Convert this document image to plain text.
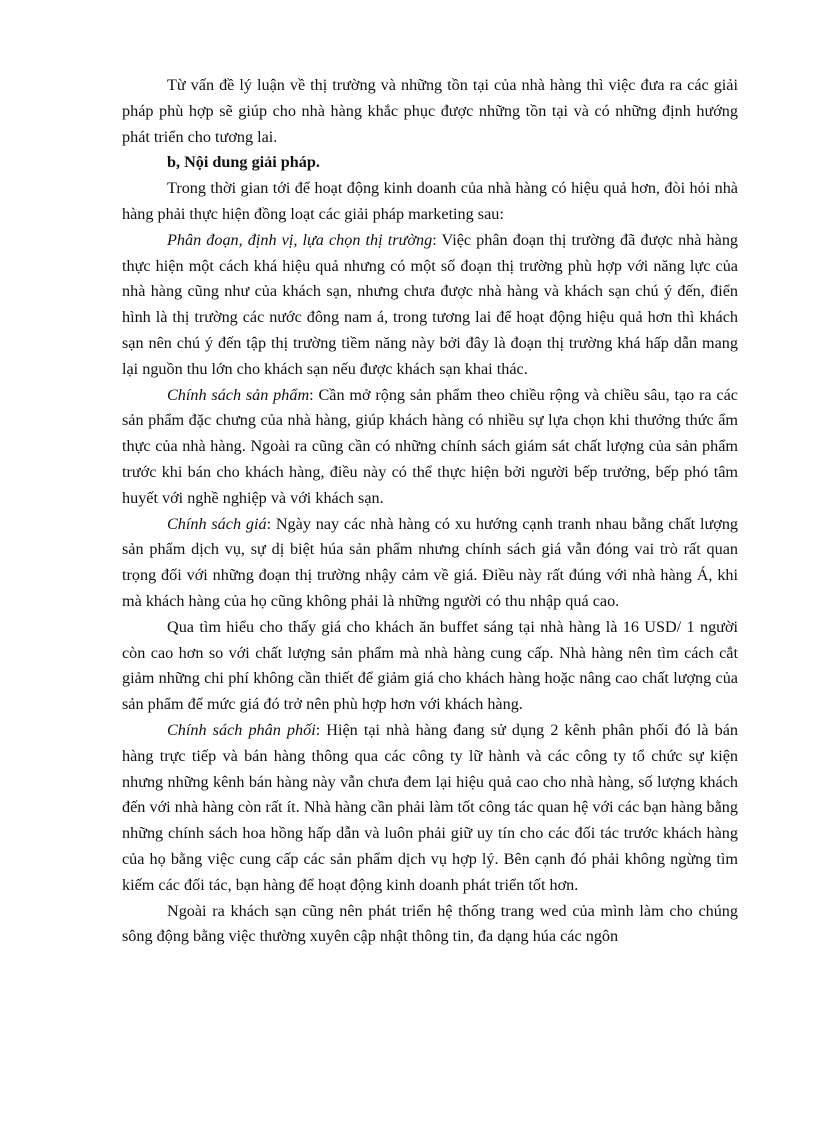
Từ vấn đề lý luận về thị trường và những tồn tại của nhà hàng thì việc đưa ra các giải pháp phù hợp sẽ giúp cho nhà hàng khắc phục được những tồn tại và có những định hướng phát triển cho tương lai.

b, Nội dung giải pháp.

Trong thời gian tới để hoạt động kinh doanh của nhà hàng có hiệu quả hơn, đòi hỏi nhà hàng phải thực hiện đồng loạt các giải pháp marketing sau:

Phân đoạn, định vị, lựa chọn thị trường: Việc phân đoạn thị trường đã được nhà hàng thực hiện một cách khá hiệu quả nhưng có một số đoạn thị trường phù hợp với năng lực của nhà hàng cũng như của khách sạn, nhưng chưa được nhà hàng và khách sạn chú ý đến, điển hình là thị trường các nước đông nam á, trong tương lai để hoạt động hiệu quả hơn thì khách sạn nên chú ý đến tập thị trường tiềm năng này bởi đây là đoạn thị trường khá hấp dẫn mang lại nguồn thu lớn cho khách sạn nếu được khách sạn khai thác.

Chính sách sản phẩm: Cần mở rộng sản phẩm theo chiều rộng và chiều sâu, tạo ra các sản phẩm đặc chưng của nhà hàng, giúp khách hàng có nhiều sự lựa chọn khi thưởng thức ẩm thực của nhà hàng. Ngoài ra cũng cần có những chính sách giám sát chất lượng của sản phẩm trước khi bán cho khách hàng, điều này có thể thực hiện bởi người bếp trưởng, bếp phó tâm huyết với nghề nghiệp và với khách sạn.

Chính sách giá: Ngày nay các nhà hàng có xu hướng cạnh tranh nhau bằng chất lượng sản phẩm dịch vụ, sự dị biệt húa sản phẩm nhưng chính sách giá vẫn đóng vai trò rất quan trọng đối với những đoạn thị trường nhậy cảm về giá. Điều này rất đúng với nhà hàng Á, khi mà khách hàng của họ cũng không phải là những người có thu nhập quá cao.

Qua tìm hiểu cho thấy giá cho khách ăn buffet sáng tại nhà hàng là 16 USD/ 1 người còn cao hơn so với chất lượng sản phẩm mà nhà hàng cung cấp. Nhà hàng nên tìm cách cắt giảm những chi phí không cần thiết để giảm giá cho khách hàng hoặc nâng cao chất lượng của sản phẩm để mức giá đó trở nên phù hợp hơn với khách hàng.

Chính sách phân phối: Hiện tại nhà hàng đang sử dụng 2 kênh phân phối đó là bán hàng trực tiếp và bán hàng thông qua các công ty lữ hành và các công ty tổ chức sự kiện nhưng những kênh bán hàng này vẫn chưa đem lại hiệu quả cao cho nhà hàng, số lượng khách đến với nhà hàng còn rất ít. Nhà hàng cần phải làm tốt công tác quan hệ với các bạn hàng bằng những chính sách hoa hồng hấp dẫn và luôn phải giữ uy tín cho các đối tác trước khách hàng của họ bằng việc cung cấp các sản phẩm dịch vụ hợp lý. Bên cạnh đó phải không ngừng tìm kiếm các đối tác, bạn hàng để hoạt động kinh doanh phát triển tốt hơn.

Ngoài ra khách sạn cũng nên phát triển hệ thống trang wed của mình làm cho chúng sông động bằng việc thường xuyên cập nhật thông tin, đa dạng húa các ngôn
